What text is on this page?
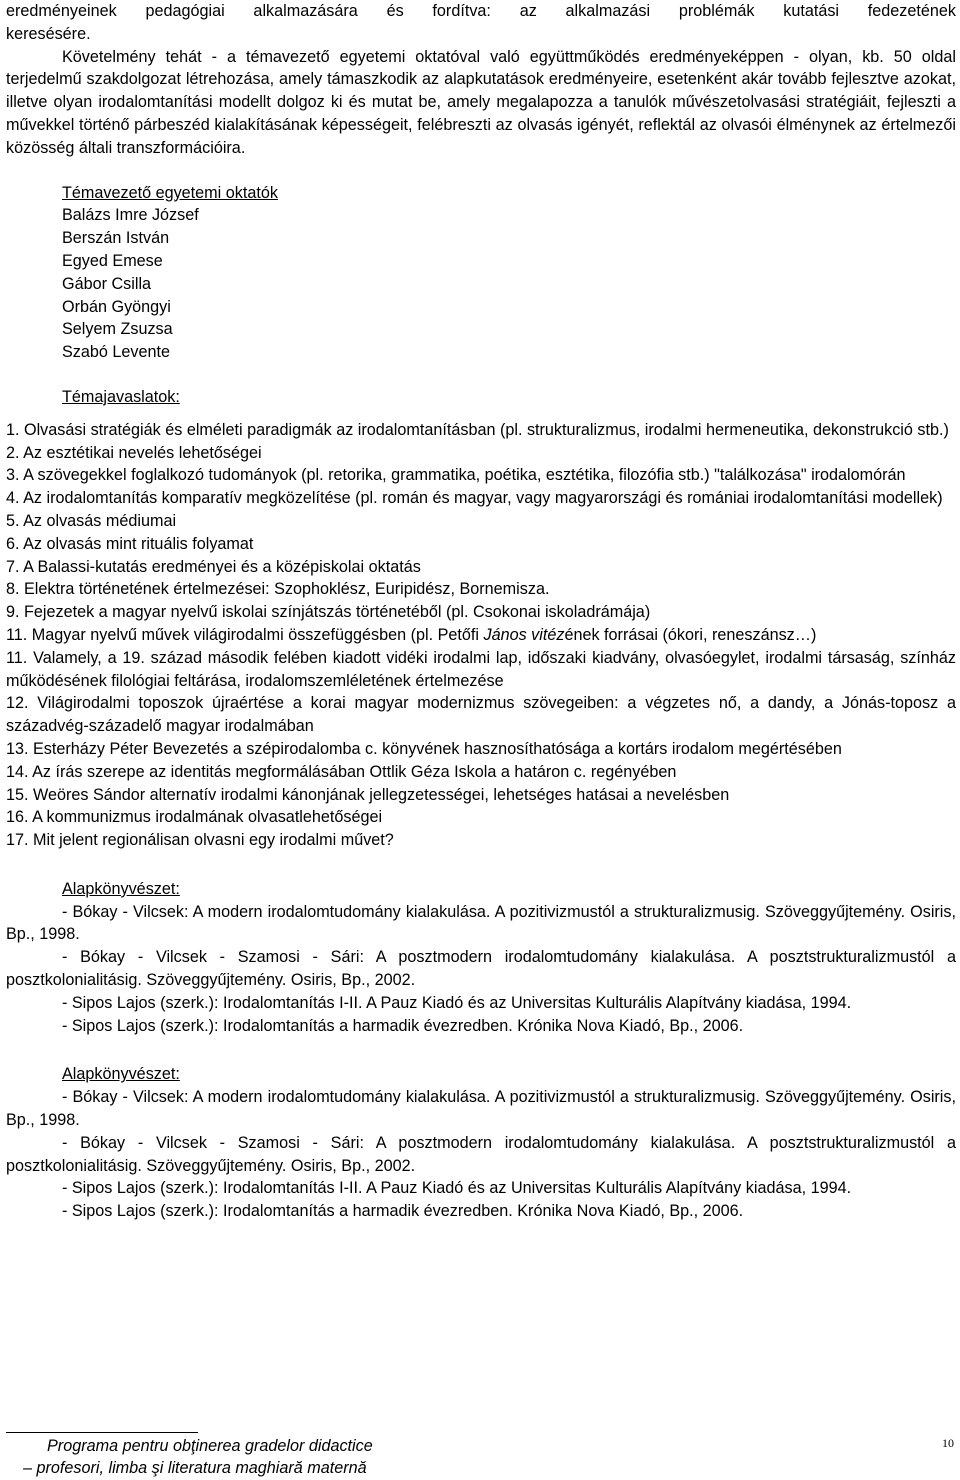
eredményeinek pedagógiai alkalmazására és fordítva: az alkalmazási problémák kutatási fedezetének

keresésére.

Követelmény tehát - a témavezető egyetemi oktatóval való együttműködés eredményeképpen - olyan, kb. 50 oldal terjedelmű szakdolgozat létrehozása, amely támaszkodik az alapkutatások eredményeire, esetenként akár tovább fejlesztve azokat, illetve olyan irodalomtanítási modellt dolgoz ki és mutat be, amely megalapozza a tanulók művészetolvasási stratégiáit, fejleszti a művekkel történő párbeszéd kialakításának képességeit, felébreszti az olvasás igényét, reflektál az olvasói élménynek az értelmezői közösség általi transzformációira.

Témavezető egyetemi oktatók
Balázs Imre József
Berszán István
Egyed Emese
Gábor Csilla
Orbán Gyöngyi
Selyem Zsuzsa
Szabó Levente
Témajavaslatok:

1. Olvasási stratégiák és elméleti paradigmák az irodalomtanításban (pl. strukturalizmus, irodalmi hermeneutika, dekonstrukció stb.)

2. Az esztétikai nevelés lehetőségei

3. A szövegekkel foglalkozó tudományok (pl. retorika, grammatika, poétika, esztétika, filozófia stb.) "találkozása" irodalomórán

4. Az irodalomtanítás komparatív megközelítése (pl. román és magyar, vagy magyarországi és romániai irodalomtanítási modellek)

5. Az olvasás médiumai

6. Az olvasás mint rituális folyamat

7. A Balassi-kutatás eredményei és a középiskolai oktatás

8. Elektra történetének értelmezései: Szophoklész, Euripidész, Bornemisza.

9. Fejezetek a magyar nyelvű iskolai színjátszás történetéből (pl. Csokonai iskoladrámája)

11. Magyar nyelvű művek világirodalmi összefüggésben (pl. Petőfi János vitézének forrásai (ókori, reneszánsz…)

11. Valamely, a 19. század második felében kiadott vidéki irodalmi lap, időszaki kiadvány, olvasóegylet, irodalmi társaság, színház működésének filológiai feltárása, irodalomszemléletének értelmezése

12. Világirodalmi toposzok újraértése a korai magyar modernizmus szövegeiben: a végzetes nő, a dandy, a Jónás-toposz a századvég-századelő magyar irodalmában

13. Esterházy Péter Bevezetés a szépirodalomba c. könyvének hasznosíthatósága a kortárs irodalom megértésében

14. Az írás szerepe az identitás megformálásában Ottlik Géza Iskola a határon c. regényében

15. Weöres Sándor alternatív irodalmi kánonjának jellegzetességei, lehetséges hatásai a nevelésben

16. A kommunizmus irodalmának olvasatlehetőségei

17. Mit jelent regionálisan olvasni egy irodalmi művet?

Alapkönyvészet:

- Bókay - Vilcsek: A modern irodalomtudomány kialakulása. A pozitivizmustól a strukturalizmusig. Szöveggyűjtemény. Osiris, Bp., 1998.

- Bókay - Vilcsek - Szamosi - Sári: A posztmodern irodalomtudomány kialakulása. A posztstrukturalizmustól a posztkolonialitásig. Szöveggyűjtemény. Osiris, Bp., 2002.

- Sipos Lajos (szerk.): Irodalomtanítás I-II. A Pauz Kiadó és az Universitas Kulturális Alapítvány kiadása, 1994.

- Sipos Lajos (szerk.): Irodalomtanítás a harmadik évezredben. Krónika Nova Kiadó, Bp., 2006.

Alapkönyvészet:

- Bókay - Vilcsek: A modern irodalomtudomány kialakulása. A pozitivizmustól a strukturalizmusig. Szöveggyűjtemény. Osiris, Bp., 1998.

- Bókay - Vilcsek - Szamosi - Sári: A posztmodern irodalomtudomány kialakulása. A posztstrukturalizmustól a posztkolonialitásig. Szöveggyűjtemény. Osiris, Bp., 2002.

- Sipos Lajos (szerk.): Irodalomtanítás I-II. A Pauz Kiadó és az Universitas Kulturális Alapítvány kiadása, 1994.

- Sipos Lajos (szerk.): Irodalomtanítás a harmadik évezredben. Krónika Nova Kiadó, Bp., 2006.

Programa pentru obţinerea gradelor didactice
– profesori, limba şi literatura maghiară maternă
10
